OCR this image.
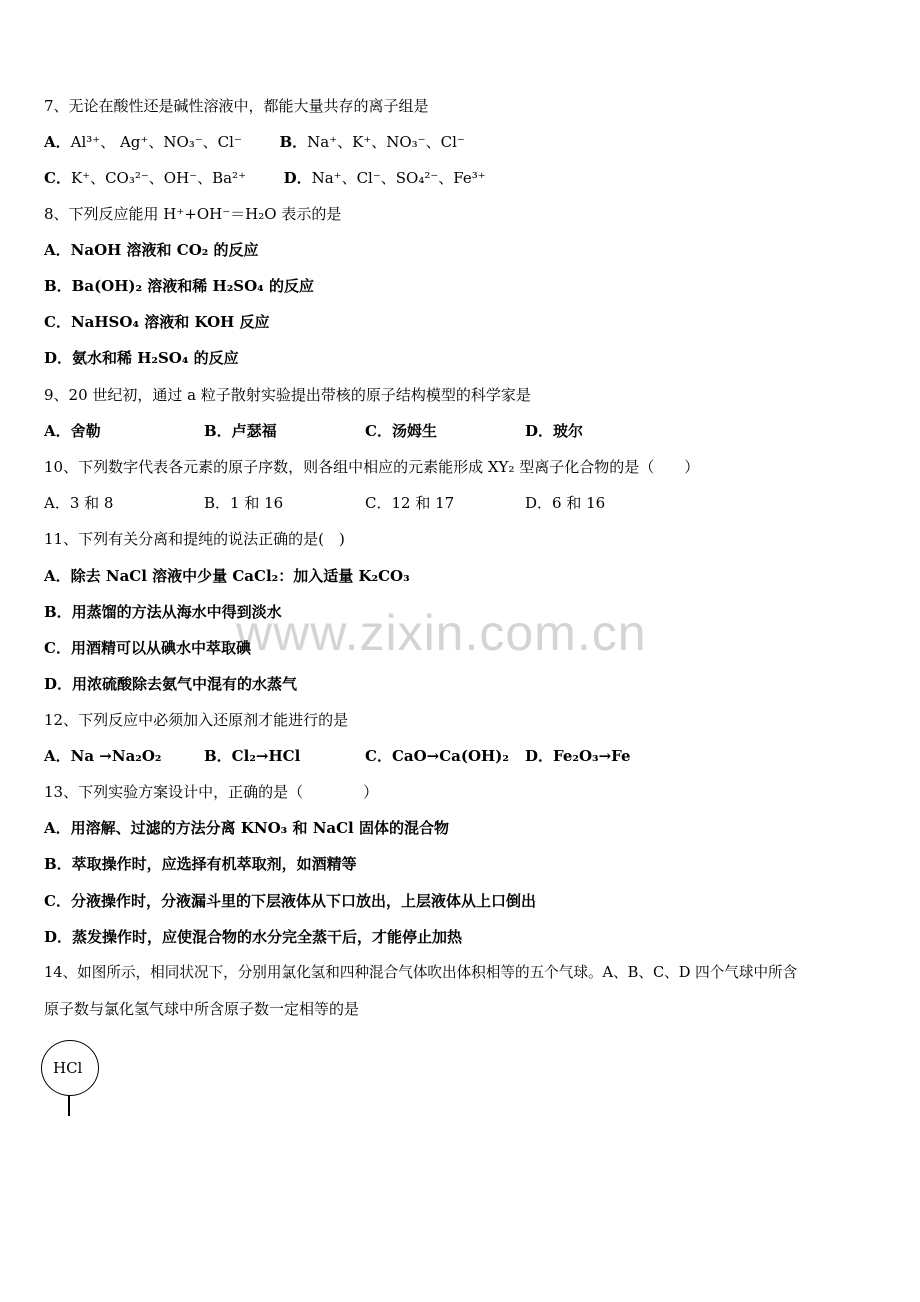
www.zixin.com.cn
7、无论在酸性还是碱性溶液中，都能大量共存的离子组是
A．Al³⁺、 Ag⁺、NO₃⁻、Cl⁻	B．Na⁺、K⁺、NO₃⁻、Cl⁻
C．K⁺、CO₃²⁻、OH⁻、Ba²⁺	D．Na⁺、Cl⁻、SO₄²⁻、Fe³⁺
8、下列反应能用 H⁺+OH⁻＝H₂O 表示的是
A．NaOH 溶液和 CO₂ 的反应
B．Ba(OH)₂ 溶液和稀 H₂SO₄ 的反应
C．NaHSO₄ 溶液和 KOH 反应
D．氨水和稀 H₂SO₄ 的反应
9、20 世纪初，通过 a 粒子散射实验提出带核的原子结构模型的科学家是
A．舍勒	B．卢瑟福	C．汤姆生	D．玻尔
10、下列数字代表各元素的原子序数，则各组中相应的元素能形成 XY₂ 型离子化合物的是（　　）
A．3 和 8	B．1 和 16	C．12 和 17	D．6 和 16
11、下列有关分离和提纯的说法正确的是(　)
A．除去 NaCl 溶液中少量 CaCl₂：加入适量 K₂CO₃
B．用蒸馏的方法从海水中得到淡水
C．用酒精可以从碘水中萃取碘
D．用浓硫酸除去氨气中混有的水蒸气
12、下列反应中必须加入还原剂才能进行的是
A．Na →Na₂O₂	B．Cl₂→HCl	C．CaO→Ca(OH)₂ D．Fe₂O₃→Fe
13、下列实验方案设计中，正确的是（　　　　）
A．用溶解、过滤的方法分离 KNO₃ 和 NaCl 固体的混合物
B．萃取操作时，应选择有机萃取剂，如酒精等
C．分液操作时，分液漏斗里的下层液体从下口放出，上层液体从上口倒出
D．蒸发操作时，应使混合物的水分完全蒸干后，才能停止加热
14、如图所示，相同状况下，分别用氯化氢和四种混合气体吹出体积相等的五个气球。A、B、C、D 四个气球中所含
原子数与氯化氢气球中所含原子数一定相等的是
HCl
